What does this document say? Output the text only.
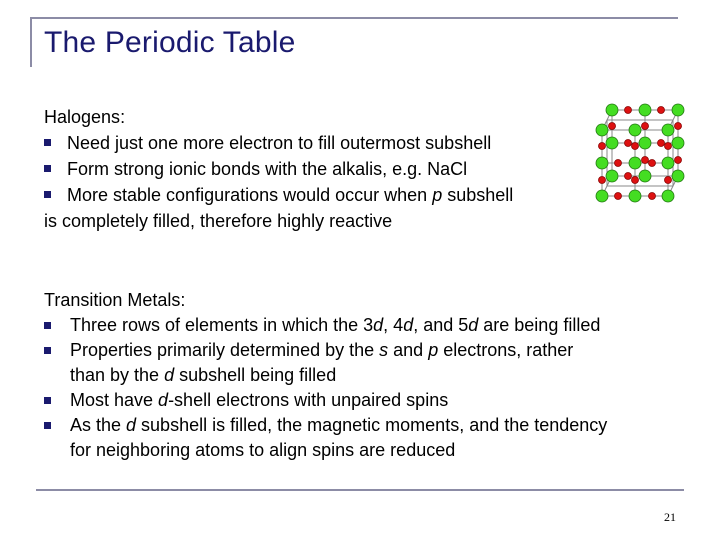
The Periodic Table
Halogens:
Need just one more electron to fill outermost subshell
Form strong ionic bonds with the alkalis, e.g. NaCl
More stable configurations would occur when p subshell
is completely filled, therefore highly reactive
Transition Metals:
Three rows of elements in which the 3d, 4d, and 5d are being filled
Properties primarily determined by the s and p electrons, rather
than by the d subshell being filled
Most have d-shell electrons with unpaired spins
As the d subshell is filled, the magnetic moments, and the tendency
for neighboring atoms to align spins are reduced
21
